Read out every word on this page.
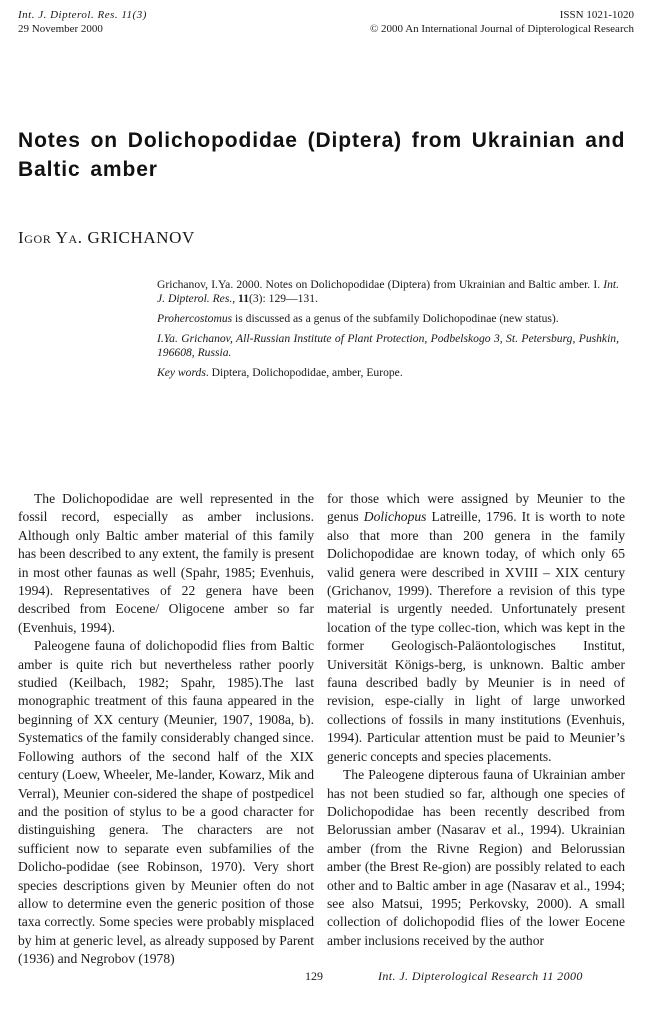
Int. J. Dipterol. Res. 11(3)
29 November 2000
ISSN 1021-1020
© 2000 An International Journal of Dipterological Research
Notes on Dolichopodidae (Diptera) from Ukrainian and Baltic amber
Igor Ya. GRICHANOV

Grichanov, I.Ya. 2000. Notes on Dolichopodidae (Diptera) from Ukrainian and Baltic amber. I. Int. J. Dipterol. Res., 11(3): 129—131.

Prohercostomus is discussed as a genus of the subfamily Dolichopodinae (new status).

I.Ya. Grichanov, All-Russian Institute of Plant Protection, Podbelskogo 3, St. Petersburg, Pushkin, 196608, Russia.

Key words. Diptera, Dolichopodidae, amber, Europe.

The Dolichopodidae are well represented in the fossil record, especially as amber inclusions. Although only Baltic amber material of this family has been described to any extent, the family is present in most other faunas as well (Spahr, 1985; Evenhuis, 1994). Representatives of 22 genera have been described from Eocene/ Oligocene amber so far (Evenhuis, 1994).

Paleogene fauna of dolichopodid flies from Baltic amber is quite rich but nevertheless rather poorly studied (Keilbach, 1982; Spahr, 1985).The last monographic treatment of this fauna appeared in the beginning of XX century (Meunier, 1907, 1908a, b). Systematics of the family considerably changed since. Following authors of the second half of the XIX century (Loew, Wheeler, Me-lander, Kowarz, Mik and Verral), Meunier con-sidered the shape of postpedicel and the position of stylus to be a good character for distinguishing genera. The characters are not sufficient now to separate even subfamilies of the Dolicho-podidae (see Robinson, 1970). Very short species descriptions given by Meunier often do not allow to determine even the generic position of those taxa correctly. Some species were probably misplaced by him at generic level, as already supposed by Parent (1936) and Negrobov (1978)

for those which were assigned by Meunier to the genus Dolichopus Latreille, 1796. It is worth to note also that more than 200 genera in the family Dolichopodidae are known today, of which only 65 valid genera were described in XVIII – XIX century (Grichanov, 1999). Therefore a revision of this type material is urgently needed. Unfortunately present location of the type collec-tion, which was kept in the former Geologisch-Paläontologisches Institut, Universität Königs-berg, is unknown. Baltic amber fauna described badly by Meunier is in need of revision, espe-cially in light of large unworked collections of fossils in many institutions (Evenhuis, 1994). Particular attention must be paid to Meunier’s generic concepts and species placements.

The Paleogene dipterous fauna of Ukrainian amber has not been studied so far, although one species of Dolichopodidae has been recently described from Belorussian amber (Nasarav et al., 1994). Ukrainian amber (from the Rivne Region) and Belorussian amber (the Brest Re-gion) are possibly related to each other and to Baltic amber in age (Nasarav et al., 1994; see also Matsui, 1995; Perkovsky, 2000). A small collection of dolichopodid flies of the lower Eocene amber inclusions received by the author

129	Int. J. Dipterological Research 11 2000
